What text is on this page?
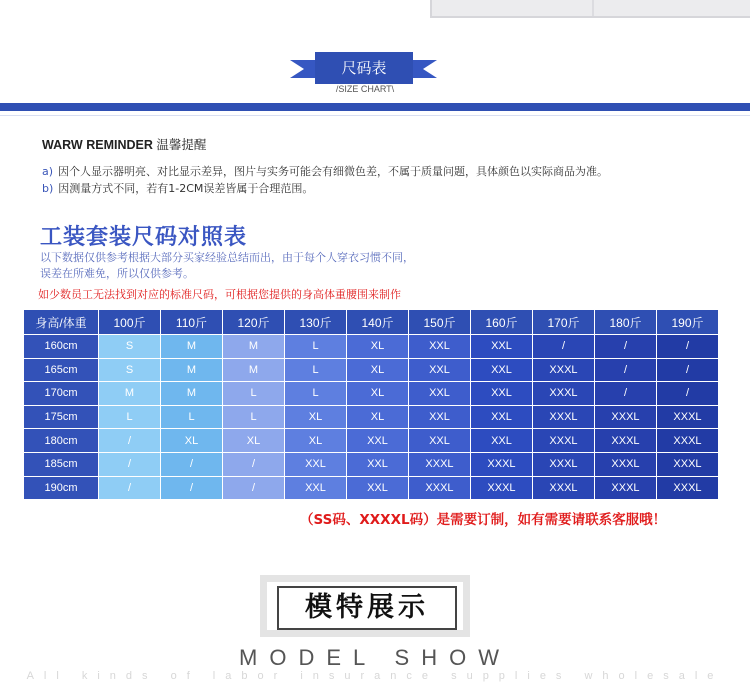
尺码表
/SIZE CHART\
WARW REMINDER 温馨提醒
a) 因个人显示器明亮、对比显示差异，图片与实务可能会有细微色差，不属于质量问题，具体颜色以实际商品为准。
b) 因测量方式不同，若有1-2CM误差皆属于合理范围。
工装套装尺码对照表
以下数据仅供参考根据大部分买家经验总结而出，由于每个人穿衣习惯不同，
误差在所难免，所以仅供参考。
如少数员工无法找到对应的标准尺码，可根据您提供的身高体重腰围来制作
身高/体重	100斤	110斤	120斤	130斤	140斤	150斤	160斤	170斤	180斤	190斤
160cm	S	M	M	L	XL	XXL	XXL	/	/	/
165cm	S	M	M	L	XL	XXL	XXL	XXXL	/	/
170cm	M	M	L	L	XL	XXL	XXL	XXXL	/	/
175cm	L	L	L	XL	XL	XXL	XXL	XXXL	XXXL	XXXL
180cm	/	XL	XL	XL	XXL	XXL	XXL	XXXL	XXXL	XXXL
185cm	/	/	/	XXL	XXL	XXXL	XXXL	XXXL	XXXL	XXXL
190cm	/	/	/	XXL	XXL	XXXL	XXXL	XXXL	XXXL	XXXL
（SS码、XXXXL码）是需要订制，如有需要请联系客服哦！
模特展示
MODEL SHOW
All kinds of labor insurance supplies wholesale
